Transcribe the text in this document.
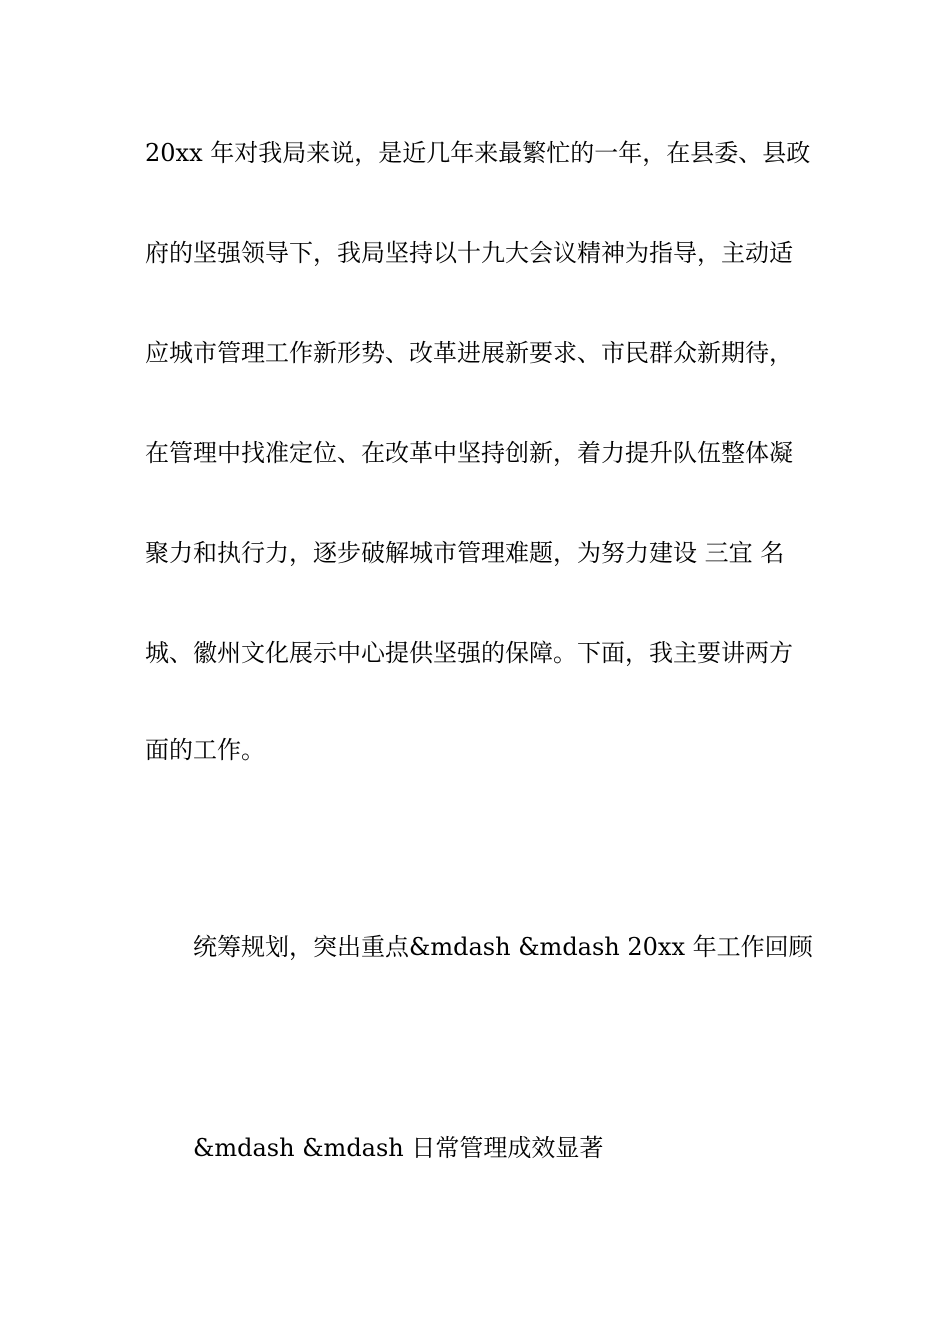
20xx 年对我局来说，是近几年来最繁忙的一年，在县委、县政
府的坚强领导下，我局坚持以十九大会议精神为指导，主动适
应城市管理工作新形势、改革进展新要求、市民群众新期待，
在管理中找准定位、在改革中坚持创新，着力提升队伍整体凝
聚力和执行力，逐步破解城市管理难题，为努力建设 三宜 名
城、徽州文化展示中心提供坚强的保障。下面，我主要讲两方
面的工作。
统筹规划，突出重点&mdash &mdash 20xx 年工作回顾
&mdash &mdash 日常管理成效显著
